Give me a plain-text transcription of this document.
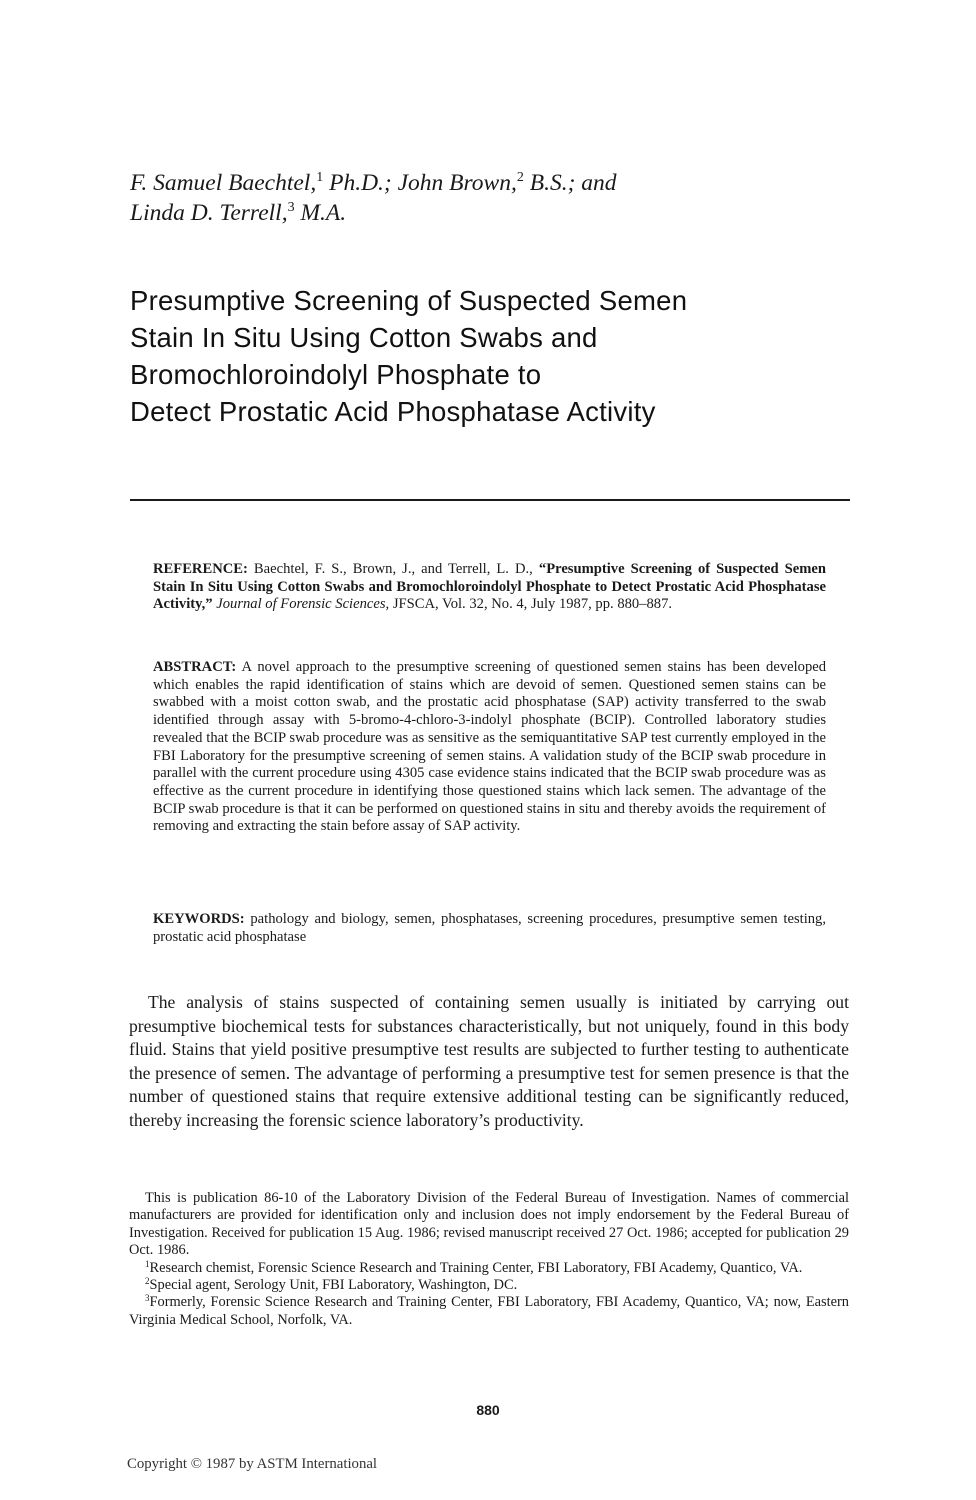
F. Samuel Baechtel,$^1$ Ph.D.; John Brown,$^2$ B.S.; and
Linda D. Terrell,$^3$ M.A.
Presumptive Screening of Suspected Semen
Stain In Situ Using Cotton Swabs and
Bromochloroindolyl Phosphate to
Detect Prostatic Acid Phosphatase Activity
REFERENCE: Baechtel, F. S., Brown, J., and Terrell, L. D., “Presumptive Screening of Suspected Semen Stain In Situ Using Cotton Swabs and Bromochloroindolyl Phosphate to Detect Prostatic Acid Phosphatase Activity,” Journal of Forensic Sciences, JFSCA, Vol. 32, No. 4, July 1987, pp. 880–887.
ABSTRACT: A novel approach to the presumptive screening of questioned semen stains has been developed which enables the rapid identification of stains which are devoid of semen. Questioned semen stains can be swabbed with a moist cotton swab, and the prostatic acid phosphatase (SAP) activity transferred to the swab identified through assay with 5-bromo-4-chloro-3-indolyl phosphate (BCIP). Controlled laboratory studies revealed that the BCIP swab procedure was as sensitive as the semiquantitative SAP test currently employed in the FBI Laboratory for the presumptive screening of semen stains. A validation study of the BCIP swab procedure in parallel with the current procedure using 4305 case evidence stains indicated that the BCIP swab procedure was as effective as the current procedure in identifying those questioned stains which lack semen. The advantage of the BCIP swab procedure is that it can be performed on questioned stains in situ and thereby avoids the requirement of removing and extracting the stain before assay of SAP activity.
KEYWORDS: pathology and biology, semen, phosphatases, screening procedures, presumptive semen testing, prostatic acid phosphatase
The analysis of stains suspected of containing semen usually is initiated by carrying out presumptive biochemical tests for substances characteristically, but not uniquely, found in this body fluid. Stains that yield positive presumptive test results are subjected to further testing to authenticate the presence of semen. The advantage of performing a presumptive test for semen presence is that the number of questioned stains that require extensive additional testing can be significantly reduced, thereby increasing the forensic science laboratory’s productivity.

This is publication 86-10 of the Laboratory Division of the Federal Bureau of Investigation. Names of commercial manufacturers are provided for identification only and inclusion does not imply endorsement by the Federal Bureau of Investigation. Received for publication 15 Aug. 1986; revised manuscript received 27 Oct. 1986; accepted for publication 29 Oct. 1986.

$^1$Research chemist, Forensic Science Research and Training Center, FBI Laboratory, FBI Academy, Quantico, VA.

$^2$Special agent, Serology Unit, FBI Laboratory, Washington, DC.

$^3$Formerly, Forensic Science Research and Training Center, FBI Laboratory, FBI Academy, Quantico, VA; now, Eastern Virginia Medical School, Norfolk, VA.

880
Copyright © 1987 by ASTM International
